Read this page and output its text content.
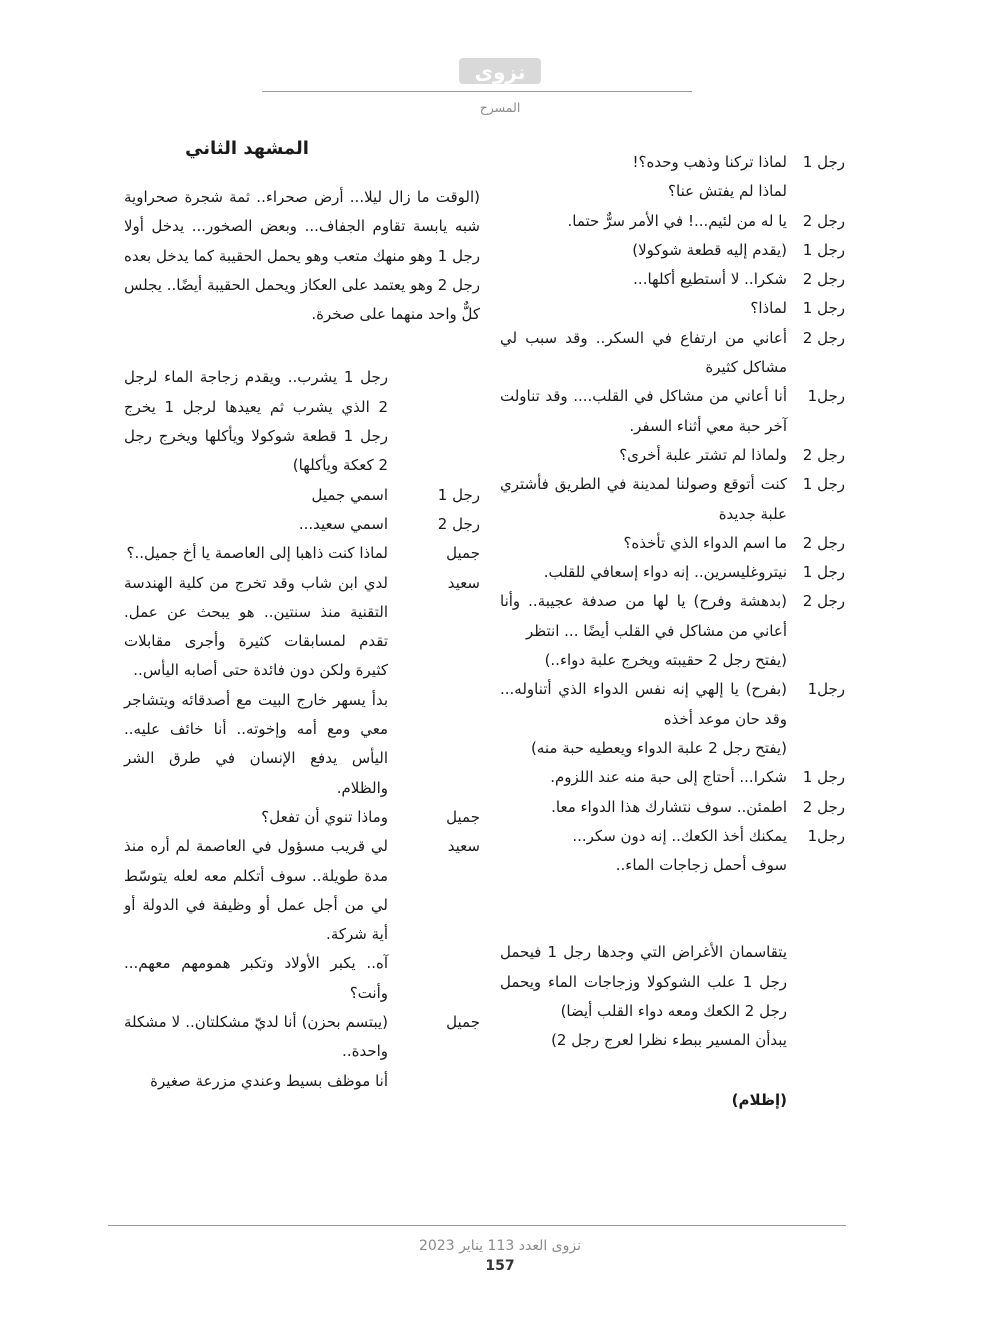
نزوى
المسرح
رجل 1
لماذا تركنا وذهب وحده؟!
لماذا لم يفتش عنا؟
رجل 2
يا له من لئيم...! في الأمر سرٌّ حتما.
رجل 1
(يقدم إليه قطعة شوكولا)
رجل 2
شكرا.. لا أستطيع أكلها...
رجل 1
لماذا؟
رجل 2
أعاني من ارتفاع في السكر.. وقد سبب لي مشاكل كثيرة
رجل1
أنا أعاني من مشاكل في القلب.... وقد تناولت آخر حبة معي أثناء السفر.
رجل 2
ولماذا لم تشتر علبة أخرى؟
رجل 1
كنت أتوقع وصولنا لمدينة في الطريق فأشتري علبة جديدة
رجل 2
ما اسم الدواء الذي تأخذه؟
رجل 1
نيتروغليسرين.. إنه دواء إسعافي للقلب.
رجل 2
(بدهشة وفرح) يا لها من صدفة عجيبة.. وأنا أعاني من مشاكل في القلب أيضًا ... انتظر
(يفتح رجل 2 حقيبته ويخرج علبة دواء..)
رجل1
(بفرح) يا إلهي إنه نفس الدواء الذي أتناوله... وقد حان موعد أخذه
(يفتح رجل 2 علبة الدواء ويعطيه حبة منه)
رجل 1
شكرا... أحتاج إلى حبة منه عند اللزوم.
رجل 2
اطمئن.. سوف نتشارك هذا الدواء معا.
رجل1
يمكنك أخذ الكعك.. إنه دون سكر...
سوف أحمل زجاجات الماء..
يتقاسمان الأغراض التي وجدها رجل 1 فيحمل رجل 1 علب الشوكولا وزجاجات الماء ويحمل رجل 2 الكعك ومعه دواء القلب أيضا)
يبدأن المسير ببطء نظرا لعرج رجل 2)
(إظلام)
المشهد الثاني
(الوقت ما زال ليلا... أرض صحراء.. ثمة شجرة صحراوية شبه يابسة تقاوم الجفاف... وبعض الصخور... يدخل أولا رجل 1 وهو منهك متعب وهو يحمل الحقيبة كما يدخل بعده رجل 2 وهو يعتمد على العكاز ويحمل الحقيبة أيضًا.. يجلس كلٌّ واحد منهما على صخرة.
رجل 1 يشرب.. ويقدم زجاجة الماء لرجل 2 الذي يشرب ثم يعيدها لرجل 1 يخرج رجل 1 قطعة شوكولا ويأكلها ويخرج رجل 2 كعكة ويأكلها)
رجل 1
اسمي جميل
رجل 2
اسمي سعيد...
جميل
لماذا كنت ذاهبا إلى العاصمة يا أخ جميل..؟
سعيد
لدي ابن شاب وقد تخرج من كلية الهندسة التقنية منذ سنتين.. هو يبحث عن عمل. تقدم لمسابقات كثيرة وأجرى مقابلات كثيرة ولكن دون فائدة حتى أصابه اليأس..
بدأ يسهر خارج البيت مع أصدقائه ويتشاجر معي ومع أمه وإخوته.. أنا خائف عليه.. اليأس يدفع الإنسان في طرق الشر والظلام.
جميل
وماذا تنوي أن تفعل؟
سعيد
لي قريب مسؤول في العاصمة لم أره منذ مدة طويلة.. سوف أتكلم معه لعله يتوسّط لي من أجل عمل أو وظيفة في الدولة أو أية شركة.
آه.. يكبر الأولاد وتكبر همومهم معهم... وأنت؟
جميل
(يبتسم بحزن) أنا لديّ مشكلتان.. لا مشكلة واحدة..
أنا موظف بسيط وعندي مزرعة صغيرة
نزوى العدد 113 يناير 2023
157
